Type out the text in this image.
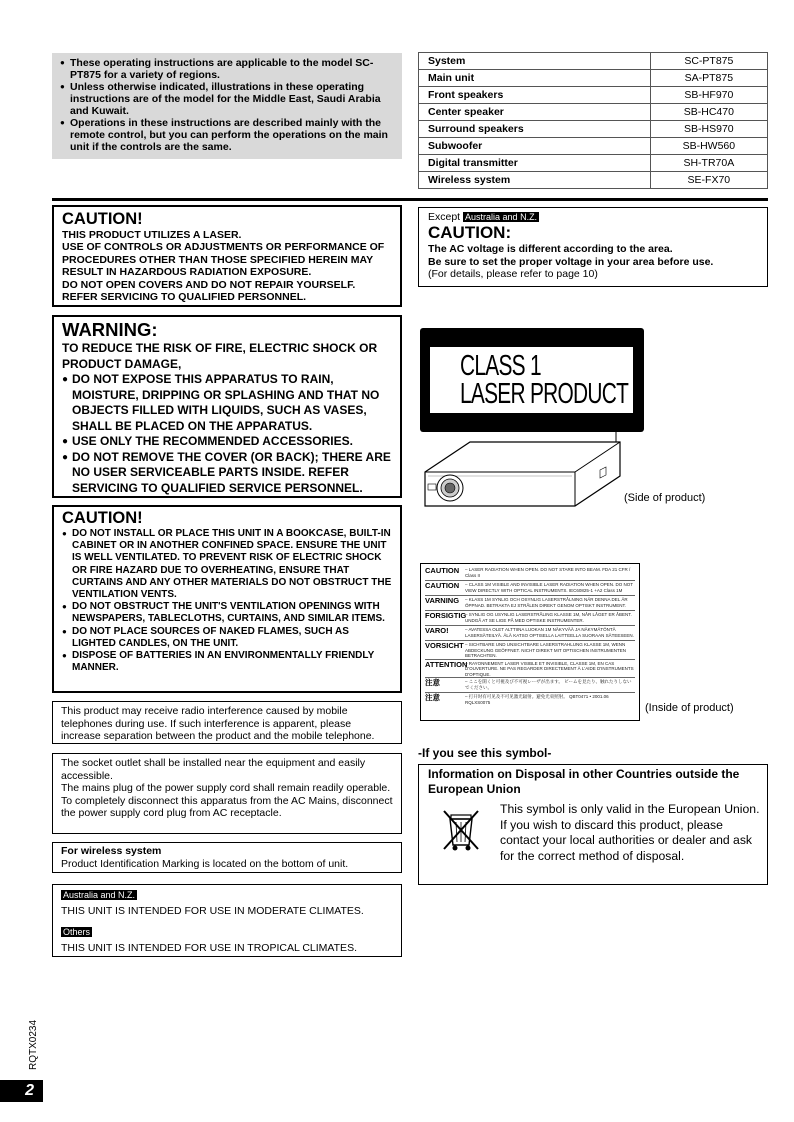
● These operating instructions are applicable to the model SC-PT875 for a variety of regions.
● Unless otherwise indicated, illustrations in these operating instructions are of the model for the Middle East, Saudi Arabia and Kuwait.
● Operations in these instructions are described mainly with the remote control, but you can perform the operations on the main unit if the controls are the same.
System	SC-PT875
Main unit	SA-PT875
Front speakers	SB-HF970
Center speaker	SB-HC470
Surround speakers	SB-HS970
Subwoofer	SB-HW560
Digital transmitter	SH-TR70A
Wireless system	SE-FX70
CAUTION!
THIS PRODUCT UTILIZES A LASER.
USE OF CONTROLS OR ADJUSTMENTS OR PERFORMANCE OF PROCEDURES OTHER THAN THOSE SPECIFIED HEREIN MAY RESULT IN HAZARDOUS RADIATION EXPOSURE.
DO NOT OPEN COVERS AND DO NOT REPAIR YOURSELF.
REFER SERVICING TO QUALIFIED PERSONNEL.
WARNING:
TO REDUCE THE RISK OF FIRE, ELECTRIC SHOCK OR PRODUCT DAMAGE,
● DO NOT EXPOSE THIS APPARATUS TO RAIN, MOISTURE, DRIPPING OR SPLASHING AND THAT NO OBJECTS FILLED WITH LIQUIDS, SUCH AS VASES, SHALL BE PLACED ON THE APPARATUS.
● USE ONLY THE RECOMMENDED ACCESSORIES.
● DO NOT REMOVE THE COVER (OR BACK); THERE ARE NO USER SERVICEABLE PARTS INSIDE. REFER SERVICING TO QUALIFIED SERVICE PERSONNEL.
CAUTION!
● DO NOT INSTALL OR PLACE THIS UNIT IN A BOOKCASE, BUILT-IN CABINET OR IN ANOTHER CONFINED SPACE. ENSURE THE UNIT IS WELL VENTILATED. TO PREVENT RISK OF ELECTRIC SHOCK OR FIRE HAZARD DUE TO OVERHEATING, ENSURE THAT CURTAINS AND ANY OTHER MATERIALS DO NOT OBSTRUCT THE VENTILATION VENTS.
● DO NOT OBSTRUCT THE UNIT'S VENTILATION OPENINGS WITH NEWSPAPERS, TABLECLOTHS, CURTAINS, AND SIMILAR ITEMS.
● DO NOT PLACE SOURCES OF NAKED FLAMES, SUCH AS LIGHTED CANDLES, ON THE UNIT.
● DISPOSE OF BATTERIES IN AN ENVIRONMENTALLY FRIENDLY MANNER.
This product may receive radio interference caused by mobile telephones during use. If such interference is apparent, please increase separation between the product and the mobile telephone.
The socket outlet shall be installed near the equipment and easily accessible.
The mains plug of the power supply cord shall remain readily operable.
To completely disconnect this apparatus from the AC Mains, disconnect the power supply cord plug from AC receptacle.
For wireless system
Product Identification Marking is located on the bottom of unit.
Australia and N.Z.
THIS UNIT IS INTENDED FOR USE IN MODERATE CLIMATES.
Others
THIS UNIT IS INTENDED FOR USE IN TROPICAL CLIMATES.
Except Australia and N.Z.
CAUTION:
The AC voltage is different according to the area.
Be sure to set the proper voltage in your area before use.
(For details, please refer to page 10)
CLASS 1
LASER PRODUCT
(Side of product)
CAUTION	– LASER RADIATION WHEN OPEN. DO NOT STARE INTO BEAM. FDA 21 CFR / Class II
CAUTION	– CLASS 1M VISIBLE AND INVISIBLE LASER RADIATION WHEN OPEN. DO NOT VIEW DIRECTLY WITH OPTICAL INSTRUMENTS. IEC60825-1 +A2 Class 1M
VARNING	– KLASS 1M SYNLIG OCH OSYNLIG LASERSTRÅLNING NÄR DENNA DEL ÄR ÖPPNAD. BETRAKTA EJ STRÅLEN DIREKT GENOM OPTISKT INSTRUMENT.
FORSIGTIG
– SYNLIG OG USYNLIG LASERSTRÅLING KLASSE 1M, NÅR LÅGET ER ÅBENT. UNDGÅ AT SE LIGE PÅ MED OPTISKE INSTRUMENTER.
VARO!	– AVATESSA OLET ALTTIINA LUOKAN 1M NÄKYVÄÄ JA NÄKYMÄTÖNTÄ LASERSÄTEILYÄ. ÄLÄ KATSO OPTISELLA LAITTEELLA SUORAAN SÄTEESEEN.
VORSICHT – SICHTBARE UND UNSICHTBARE LASERSTRAHLUNG KLASSE 1M, WENN ABDECKUNG GEÖFFNET. NICHT DIREKT MIT OPTISCHEN INSTRUMENTEN BETRACHTEN.
ATTENTION
– RAYONNEMENT LASER VISIBLE ET INVISIBLE, CLASSE 1M, EN CAS D'OUVERTURE. NE PAS REGARDER DIRECTEMENT À L'AIDE D'INSTRUMENTS D'OPTIQUE.
注意	– ここを開くと可視及び不可視レーザが出ます。 ビームを見たり、触れたりしないでください。
注意	– 打开时有可见及不可见激光辐射。避免光束照射。 QBT0471 • 2001.06 RQLXS0075	(Inside of product)
-If you see this symbol-
Information on Disposal in other Countries outside the European Union
This symbol is only valid in the European Union.
If you wish to discard this product, please contact your local authorities or dealer and ask for the correct method of disposal.
RQTX0234
2
